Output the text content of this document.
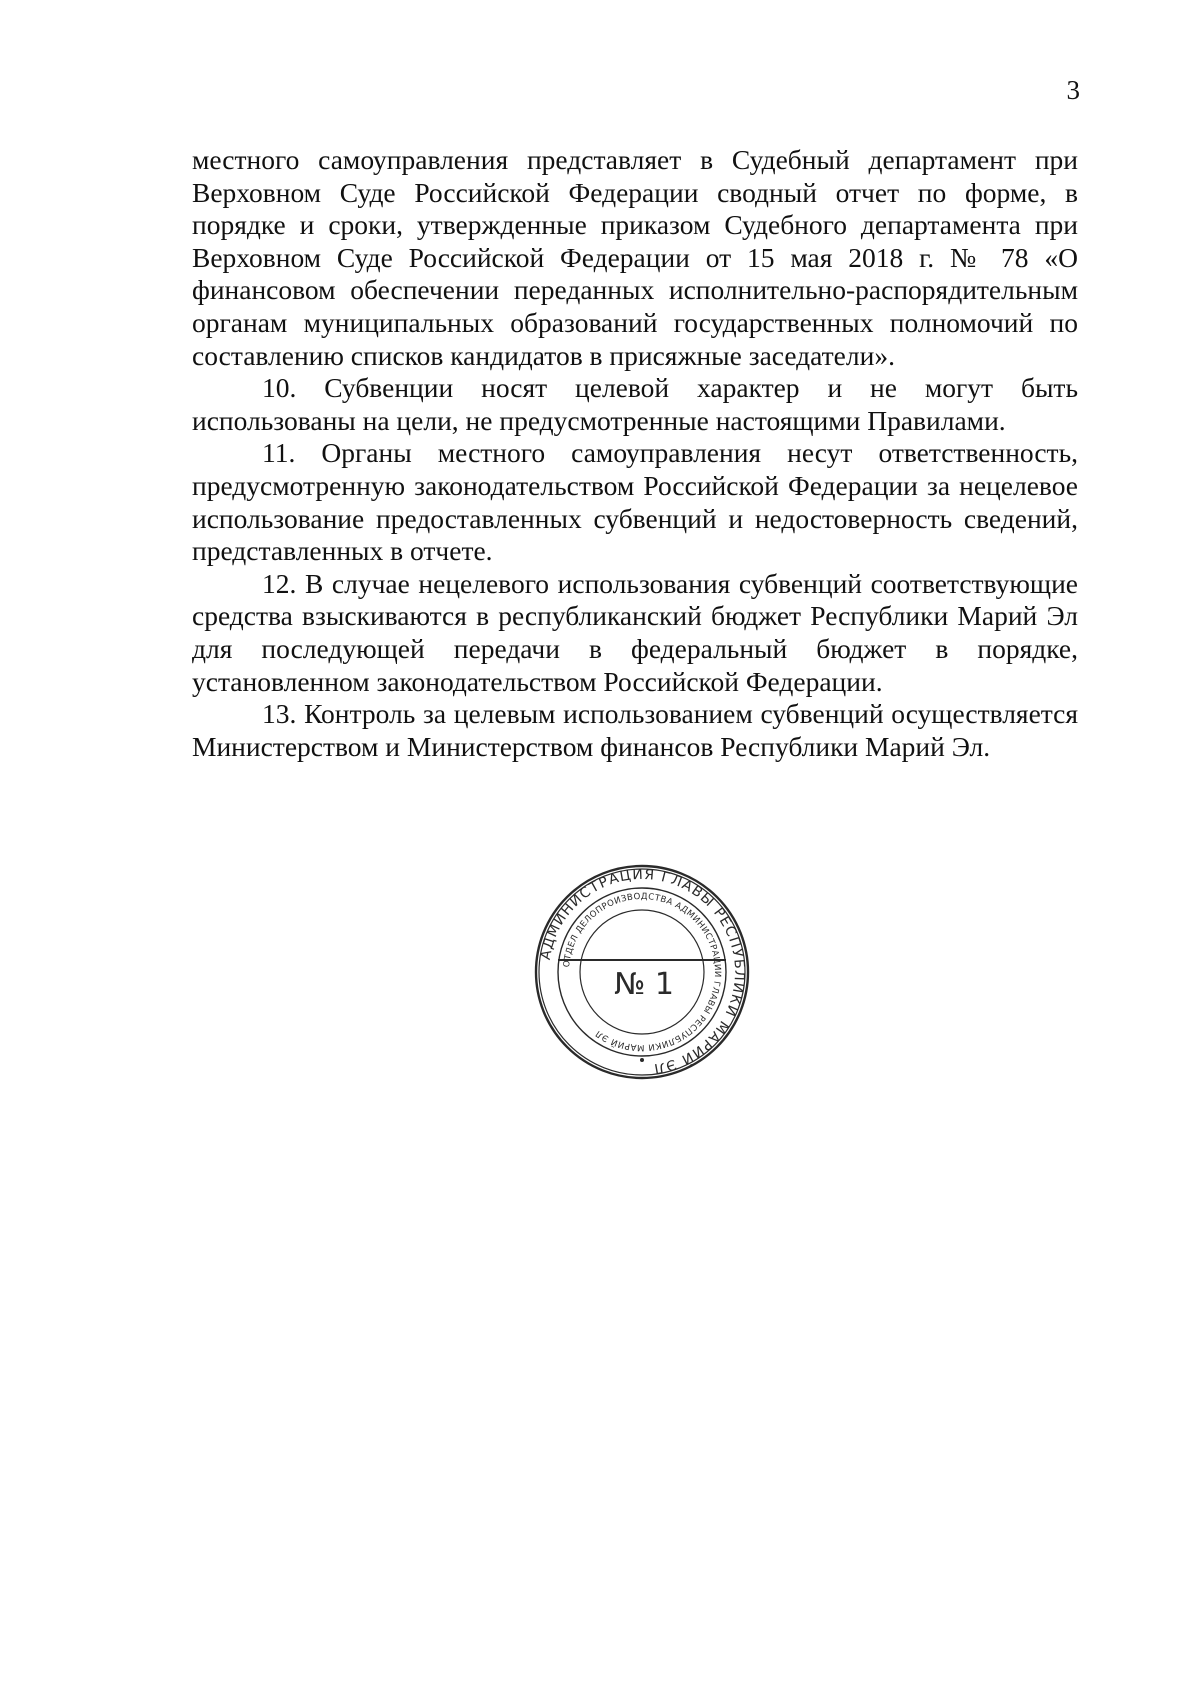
3

местного самоуправления представляет в Судебный департамент при Верховном Суде Российской Федерации сводный отчет по форме, в порядке и сроки, утвержденные приказом Судебного департамента при Верховном Суде Российской Федерации от 15 мая 2018 г. № 78 «О финансовом обеспечении переданных исполнительно-распорядительным органам муниципальных образований государственных полномочий по составлению списков кандидатов в присяжные заседатели».

10. Субвенции носят целевой характер и не могут быть использованы на цели, не предусмотренные настоящими Правилами.

11. Органы местного самоуправления несут ответственность, предусмотренную законодательством Российской Федерации за нецелевое использование предоставленных субвенций и недостоверность сведений, представленных в отчете.

12. В случае нецелевого использования субвенций соответствующие средства взыскиваются в республиканский бюджет Республики Марий Эл для последующей передачи в федеральный бюджет в порядке, установленном законодательством Российской Федерации.

13. Контроль за целевым использованием субвенций осуществляется Министерством и Министерством финансов Республики Марий Эл.

АДМИНИСТРАЦИЯ ГЛАВЫ РЕСПУБЛИКИ МАРИЙ ЭЛ
ОТДЕЛ ДЕЛОПРОИЗВОДСТВА АДМИНИСТРАЦИИ ГЛАВЫ РЕСПУБЛИКИ МАРИЙ ЭЛ
№ 1
